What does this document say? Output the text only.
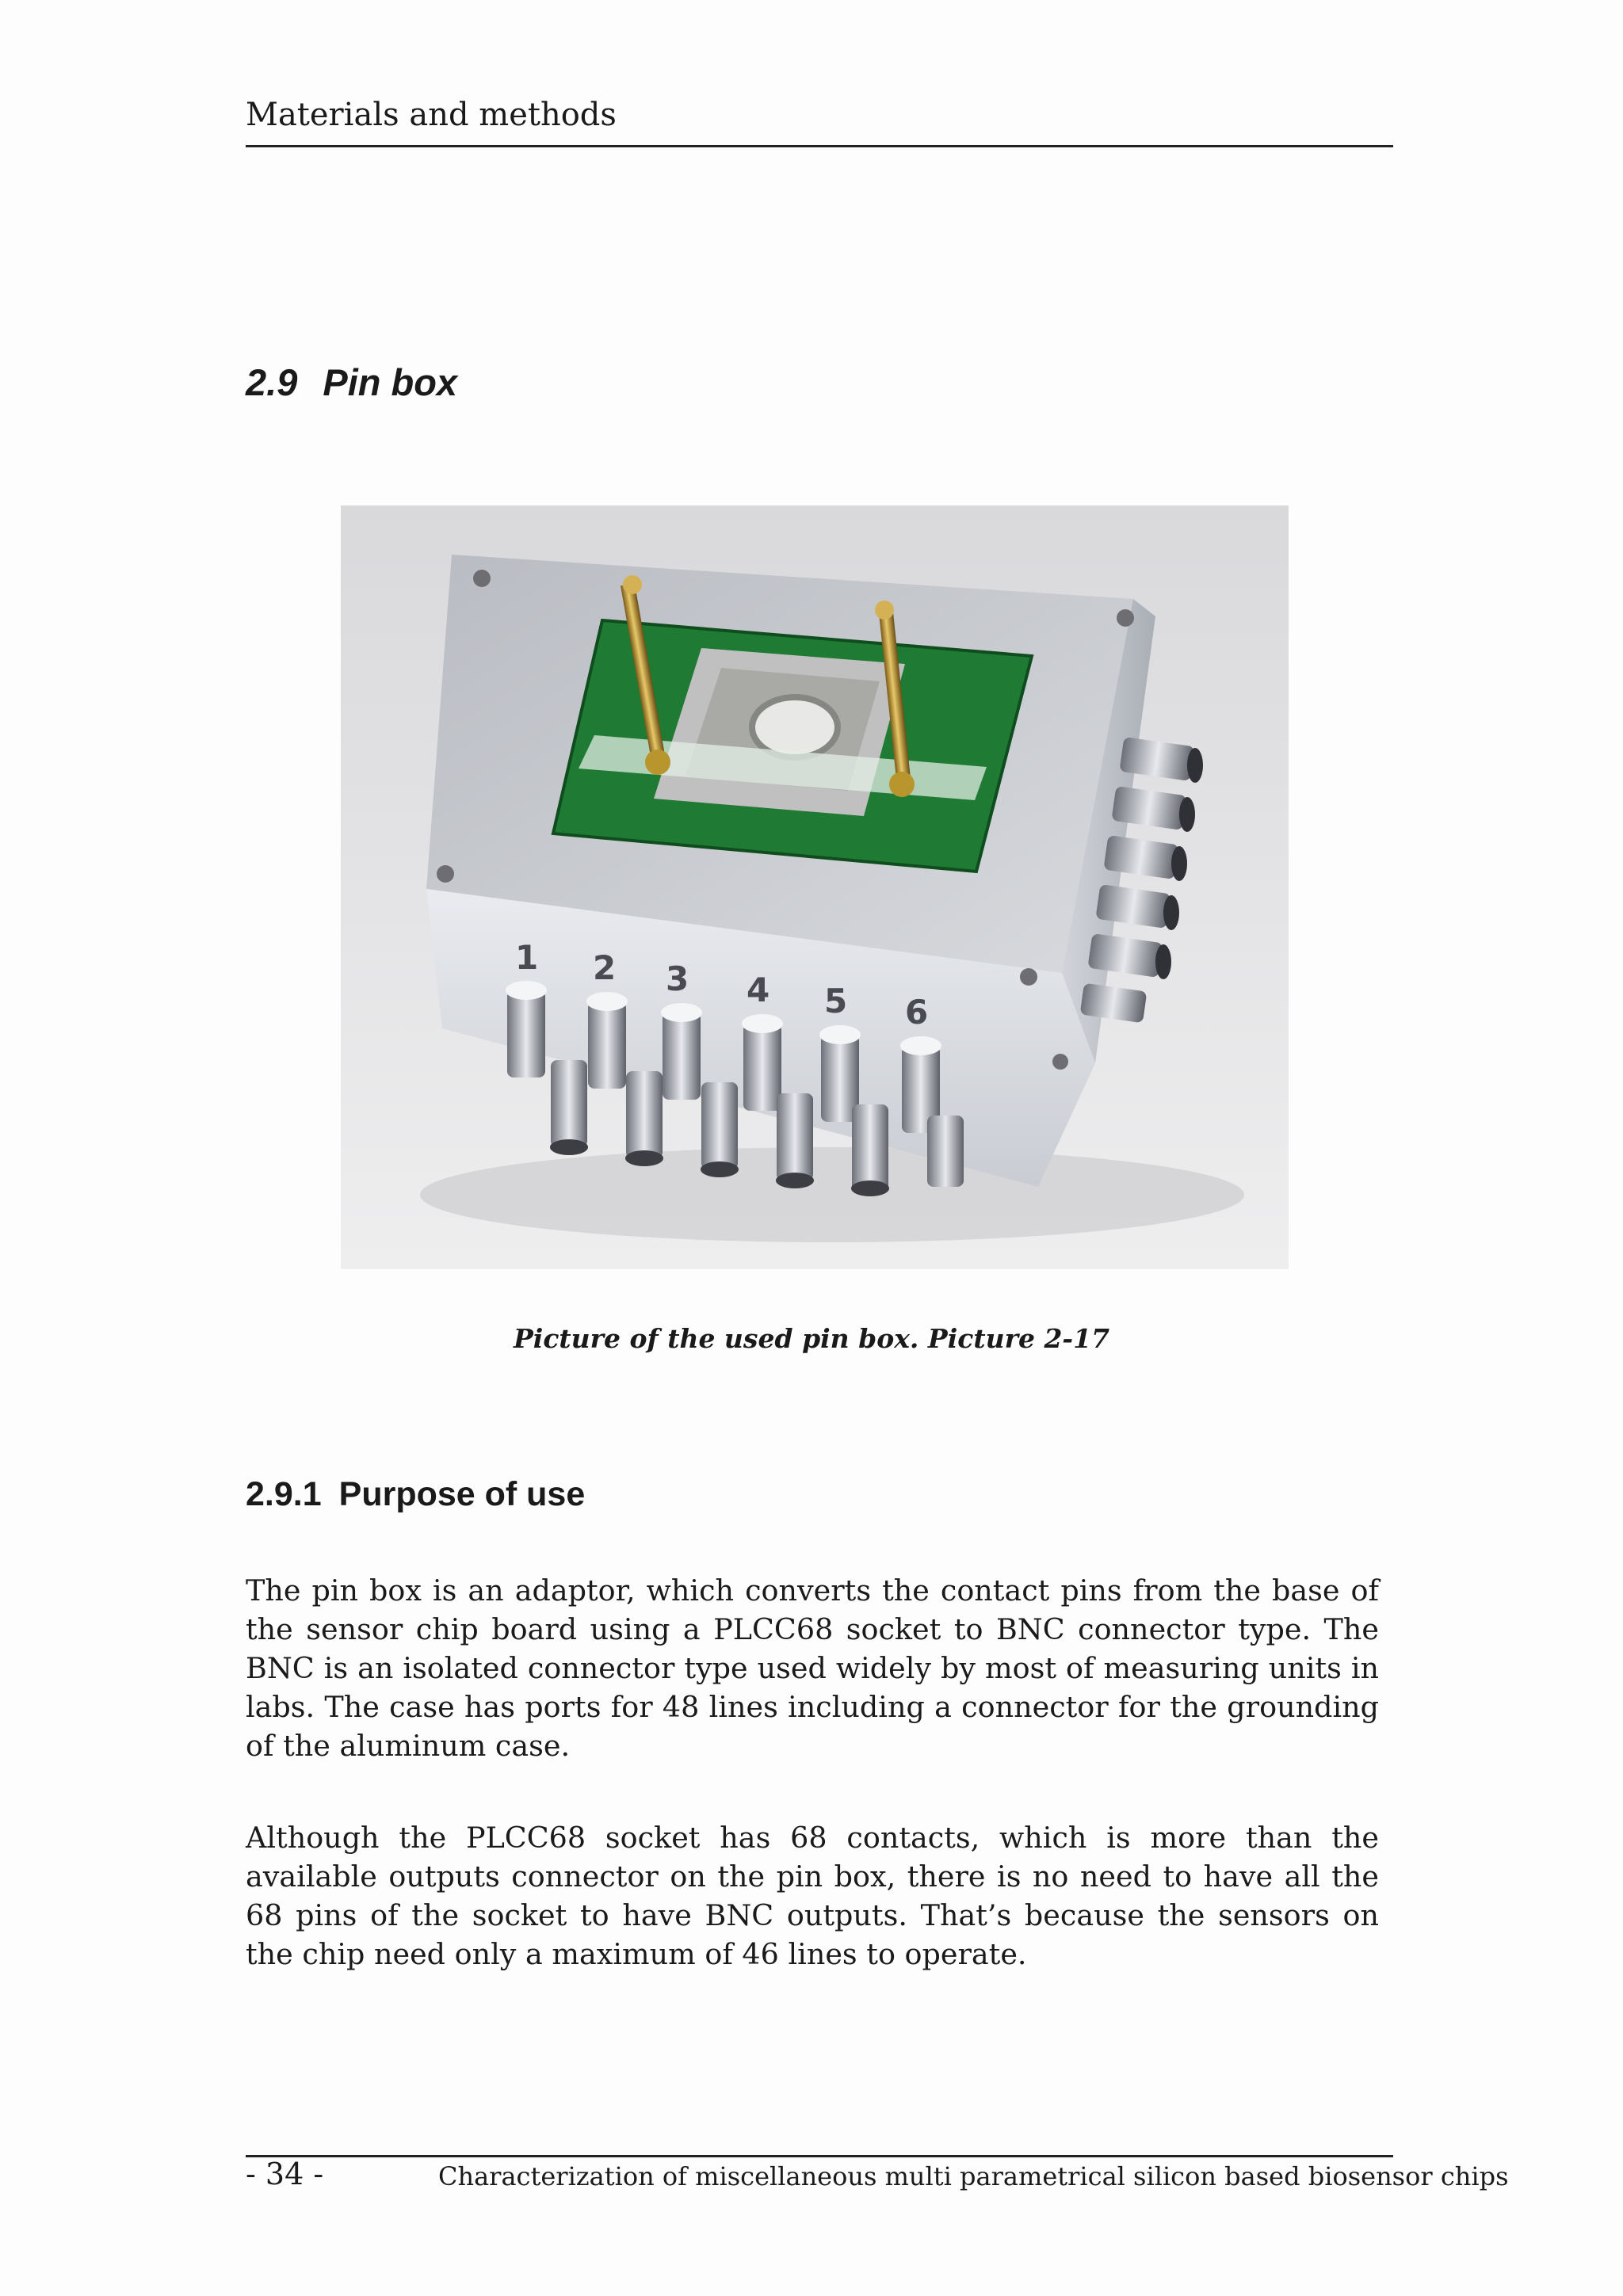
Materials and methods
2.9 Pin box
1 2 3 4 5 6
Picture of the used pin box. Picture 2-17
2.9.1 Purpose of use

The pin box is an adaptor, which converts the contact pins from the base of the sensor chip board using a PLCC68 socket to BNC connector type. The BNC is an isolated connector type used widely by most of measuring units in labs. The case has ports for 48 lines including a connector for the grounding of the aluminum case.

Although the PLCC68 socket has 68 contacts, which is more than the available outputs connector on the pin box, there is no need to have all the 68 pins of the socket to have BNC outputs. That’s because the sensors on the chip need only a maximum of 46 lines to operate.

- 34 -	Characterization of miscellaneous multi parametrical silicon based biosensor chips
